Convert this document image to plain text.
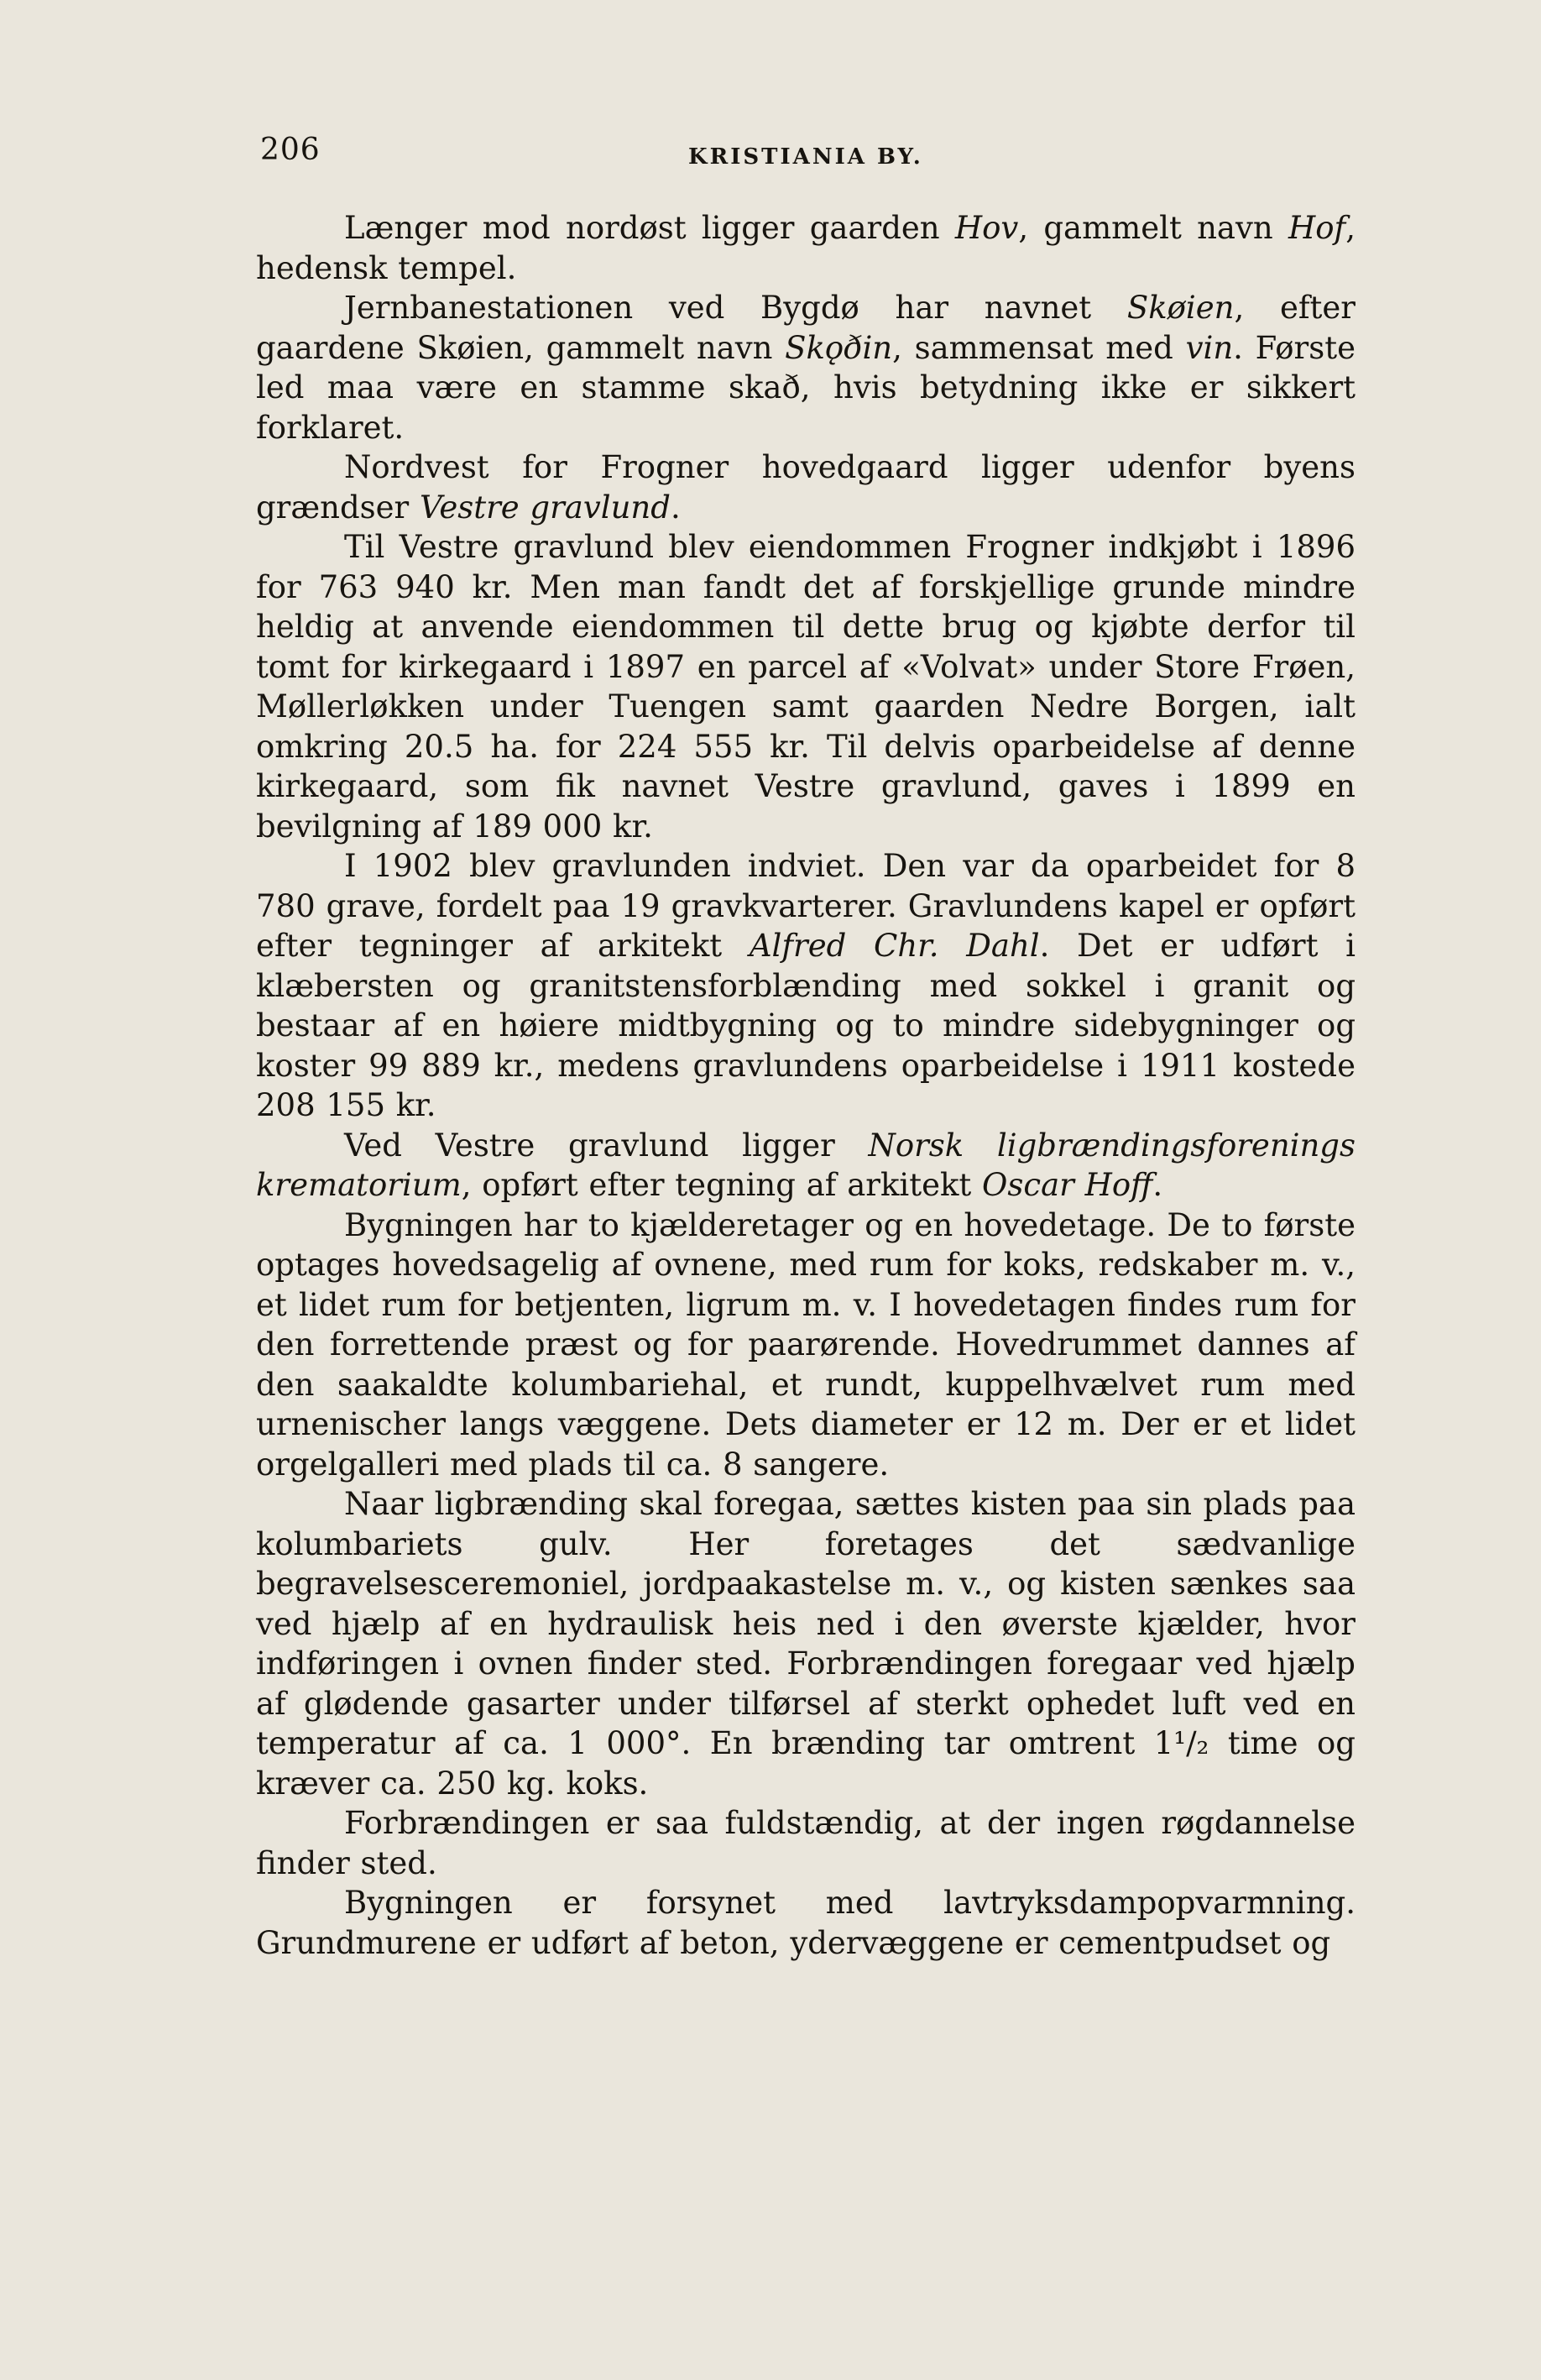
206	KRISTIANIA BY.

Længer mod nordøst ligger gaarden Hov, gammelt navn Hof, hedensk tempel.

Jernbanestationen ved Bygdø har navnet Skøien, efter gaardene Skøien, gammelt navn Skǫðin, sammensat med vin. Første led maa være en stamme skað, hvis betydning ikke er sikkert forklaret.

Nordvest for Frogner hovedgaard ligger udenfor byens grændser Vestre gravlund.

Til Vestre gravlund blev eiendommen Frogner indkjøbt i 1896 for 763 940 kr. Men man fandt det af forskjellige grunde mindre heldig at anvende eiendommen til dette brug og kjøbte derfor til tomt for kirkegaard i 1897 en parcel af «Volvat» under Store Frøen, Møllerløkken under Tuengen samt gaarden Nedre Borgen, ialt omkring 20.5 ha. for 224 555 kr. Til delvis oparbeidelse af denne kirkegaard, som fik navnet Vestre gravlund, gaves i 1899 en bevilgning af 189 000 kr.

I 1902 blev gravlunden indviet. Den var da oparbeidet for 8 780 grave, fordelt paa 19 gravkvarterer. Gravlundens kapel er opført efter tegninger af arkitekt Alfred Chr. Dahl. Det er udført i klæbersten og granitstensforblænding med sokkel i granit og bestaar af en høiere midtbygning og to mindre sidebygninger og koster 99 889 kr., medens gravlundens oparbeidelse i 1911 kostede 208 155 kr.

Ved Vestre gravlund ligger Norsk ligbrændingsforenings krematorium, opført efter tegning af arkitekt Oscar Hoff.

Bygningen har to kjælderetager og en hovedetage. De to første optages hovedsagelig af ovnene, med rum for koks, redskaber m. v., et lidet rum for betjenten, ligrum m. v. I hovedetagen findes rum for den forrettende præst og for paarørende. Hovedrummet dannes af den saakaldte kolumbariehal, et rundt, kuppelhvælvet rum med urnenischer langs væggene. Dets diameter er 12 m. Der er et lidet orgelgalleri med plads til ca. 8 sangere.

Naar ligbrænding skal foregaa, sættes kisten paa sin plads paa kolumbariets gulv. Her foretages det sædvanlige begravelsesceremoniel, jordpaakastelse m. v., og kisten sænkes saa ved hjælp af en hydraulisk heis ned i den øverste kjælder, hvor indføringen i ovnen finder sted. Forbrændingen foregaar ved hjælp af glødende gasarter under tilførsel af sterkt ophedet luft ved en temperatur af ca. 1 000°. En brænding tar omtrent 1¹/₂ time og kræver ca. 250 kg. koks.

Forbrændingen er saa fuldstændig, at der ingen røgdannelse finder sted.

Bygningen er forsynet med lavtryksdampopvarmning. Grundmurene er udført af beton, ydervæggene er cementpudset og
